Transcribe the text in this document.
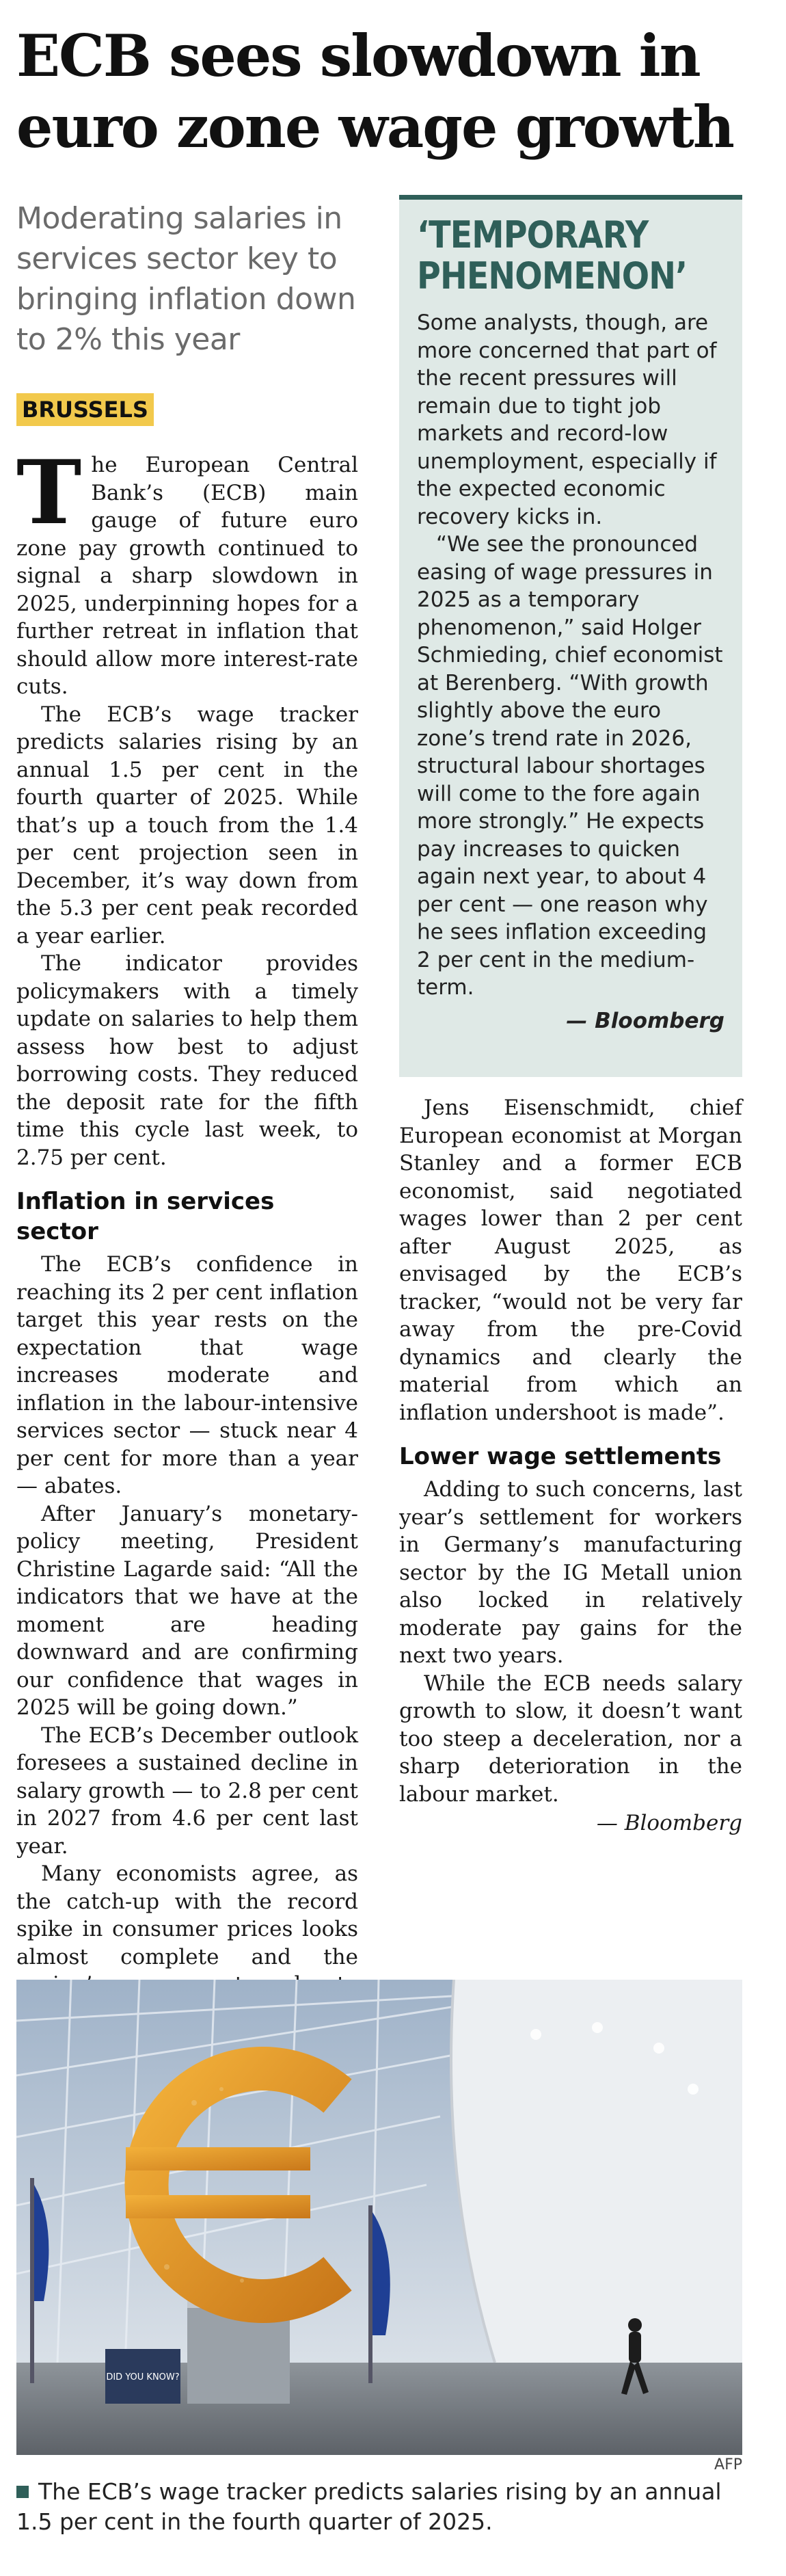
ECB sees slowdown in euro zone wage growth
Moderating salaries in services sector key to bringing inflation down to 2% this year
BRUSSELS

The European Central Bank’s (ECB) main gauge of future euro zone pay growth continued to signal a sharp slowdown in 2025, underpinning hopes for a further retreat in inflation that should allow more interest-rate cuts.

The ECB’s wage tracker predicts salaries rising by an annual 1.5 per cent in the fourth quarter of 2025. While that’s up a touch from the 1.4 per cent projection seen in December, it’s way down from the 5.3 per cent peak recorded a year earlier.

The indicator provides policymakers with a timely update on salaries to help them assess how best to adjust borrowing costs. They reduced the deposit rate for the fifth time this cycle last week, to 2.75 per cent.

Inflation in services sector

The ECB’s confidence in reaching its 2 per cent inflation target this year rests on the expectation that wage increases moderate and inflation in the labour-intensive services sector — stuck near 4 per cent for more than a year — abates.

After January’s monetary-policy meeting, President Christine Lagarde said: “All the indicators that we have at the moment are heading downward and are confirming our confidence that wages in 2025 will be going down.”

The ECB’s December outlook foresees a sustained decline in salary growth — to 2.8 per cent in 2027 from 4.6 per cent last year.

Many economists agree, as the catch-up with the record spike in consumer prices looks almost complete and the

‘TEMPORARY PHENOMENON’

Some analysts, though, are more concerned that part of the recent pressures will remain due to tight job markets and record-low unemployment, especially if the expected economic recovery kicks in.

“We see the pronounced easing of wage pressures in 2025 as a temporary phenomenon,” said Holger Schmieding, chief economist at Berenberg. “With growth slightly above the euro zone’s trend rate in 2026, structural labour shortages will come to the fore again more strongly.” He expects pay increases to quicken again next year, to about 4 per cent — one reason why he sees inflation exceeding 2 per cent in the medium-term.

— Bloomberg

Jens Eisenschmidt, chief European economist at Morgan Stanley and a former ECB economist, said negotiated wages lower than 2 per cent after August 2025, as envisaged by the ECB’s tracker, “would not be very far away from the pre-Covid dynamics and clearly the material from which an inflation undershoot is made”.

Lower wage settlements

Adding to such concerns, last year’s settlement for workers in Germany’s manufacturing sector by the IG Metall union also locked in relatively moderate pay gains for the next two years.

While the ECB needs salary growth to slow, it doesn’t want too steep a deceleration, nor a sharp deterioration in the labour market.

— Bloomberg
DID YOU KNOW?
AFP
The ECB’s wage tracker predicts salaries rising by an annual 1.5 per cent in the fourth quarter of 2025.
